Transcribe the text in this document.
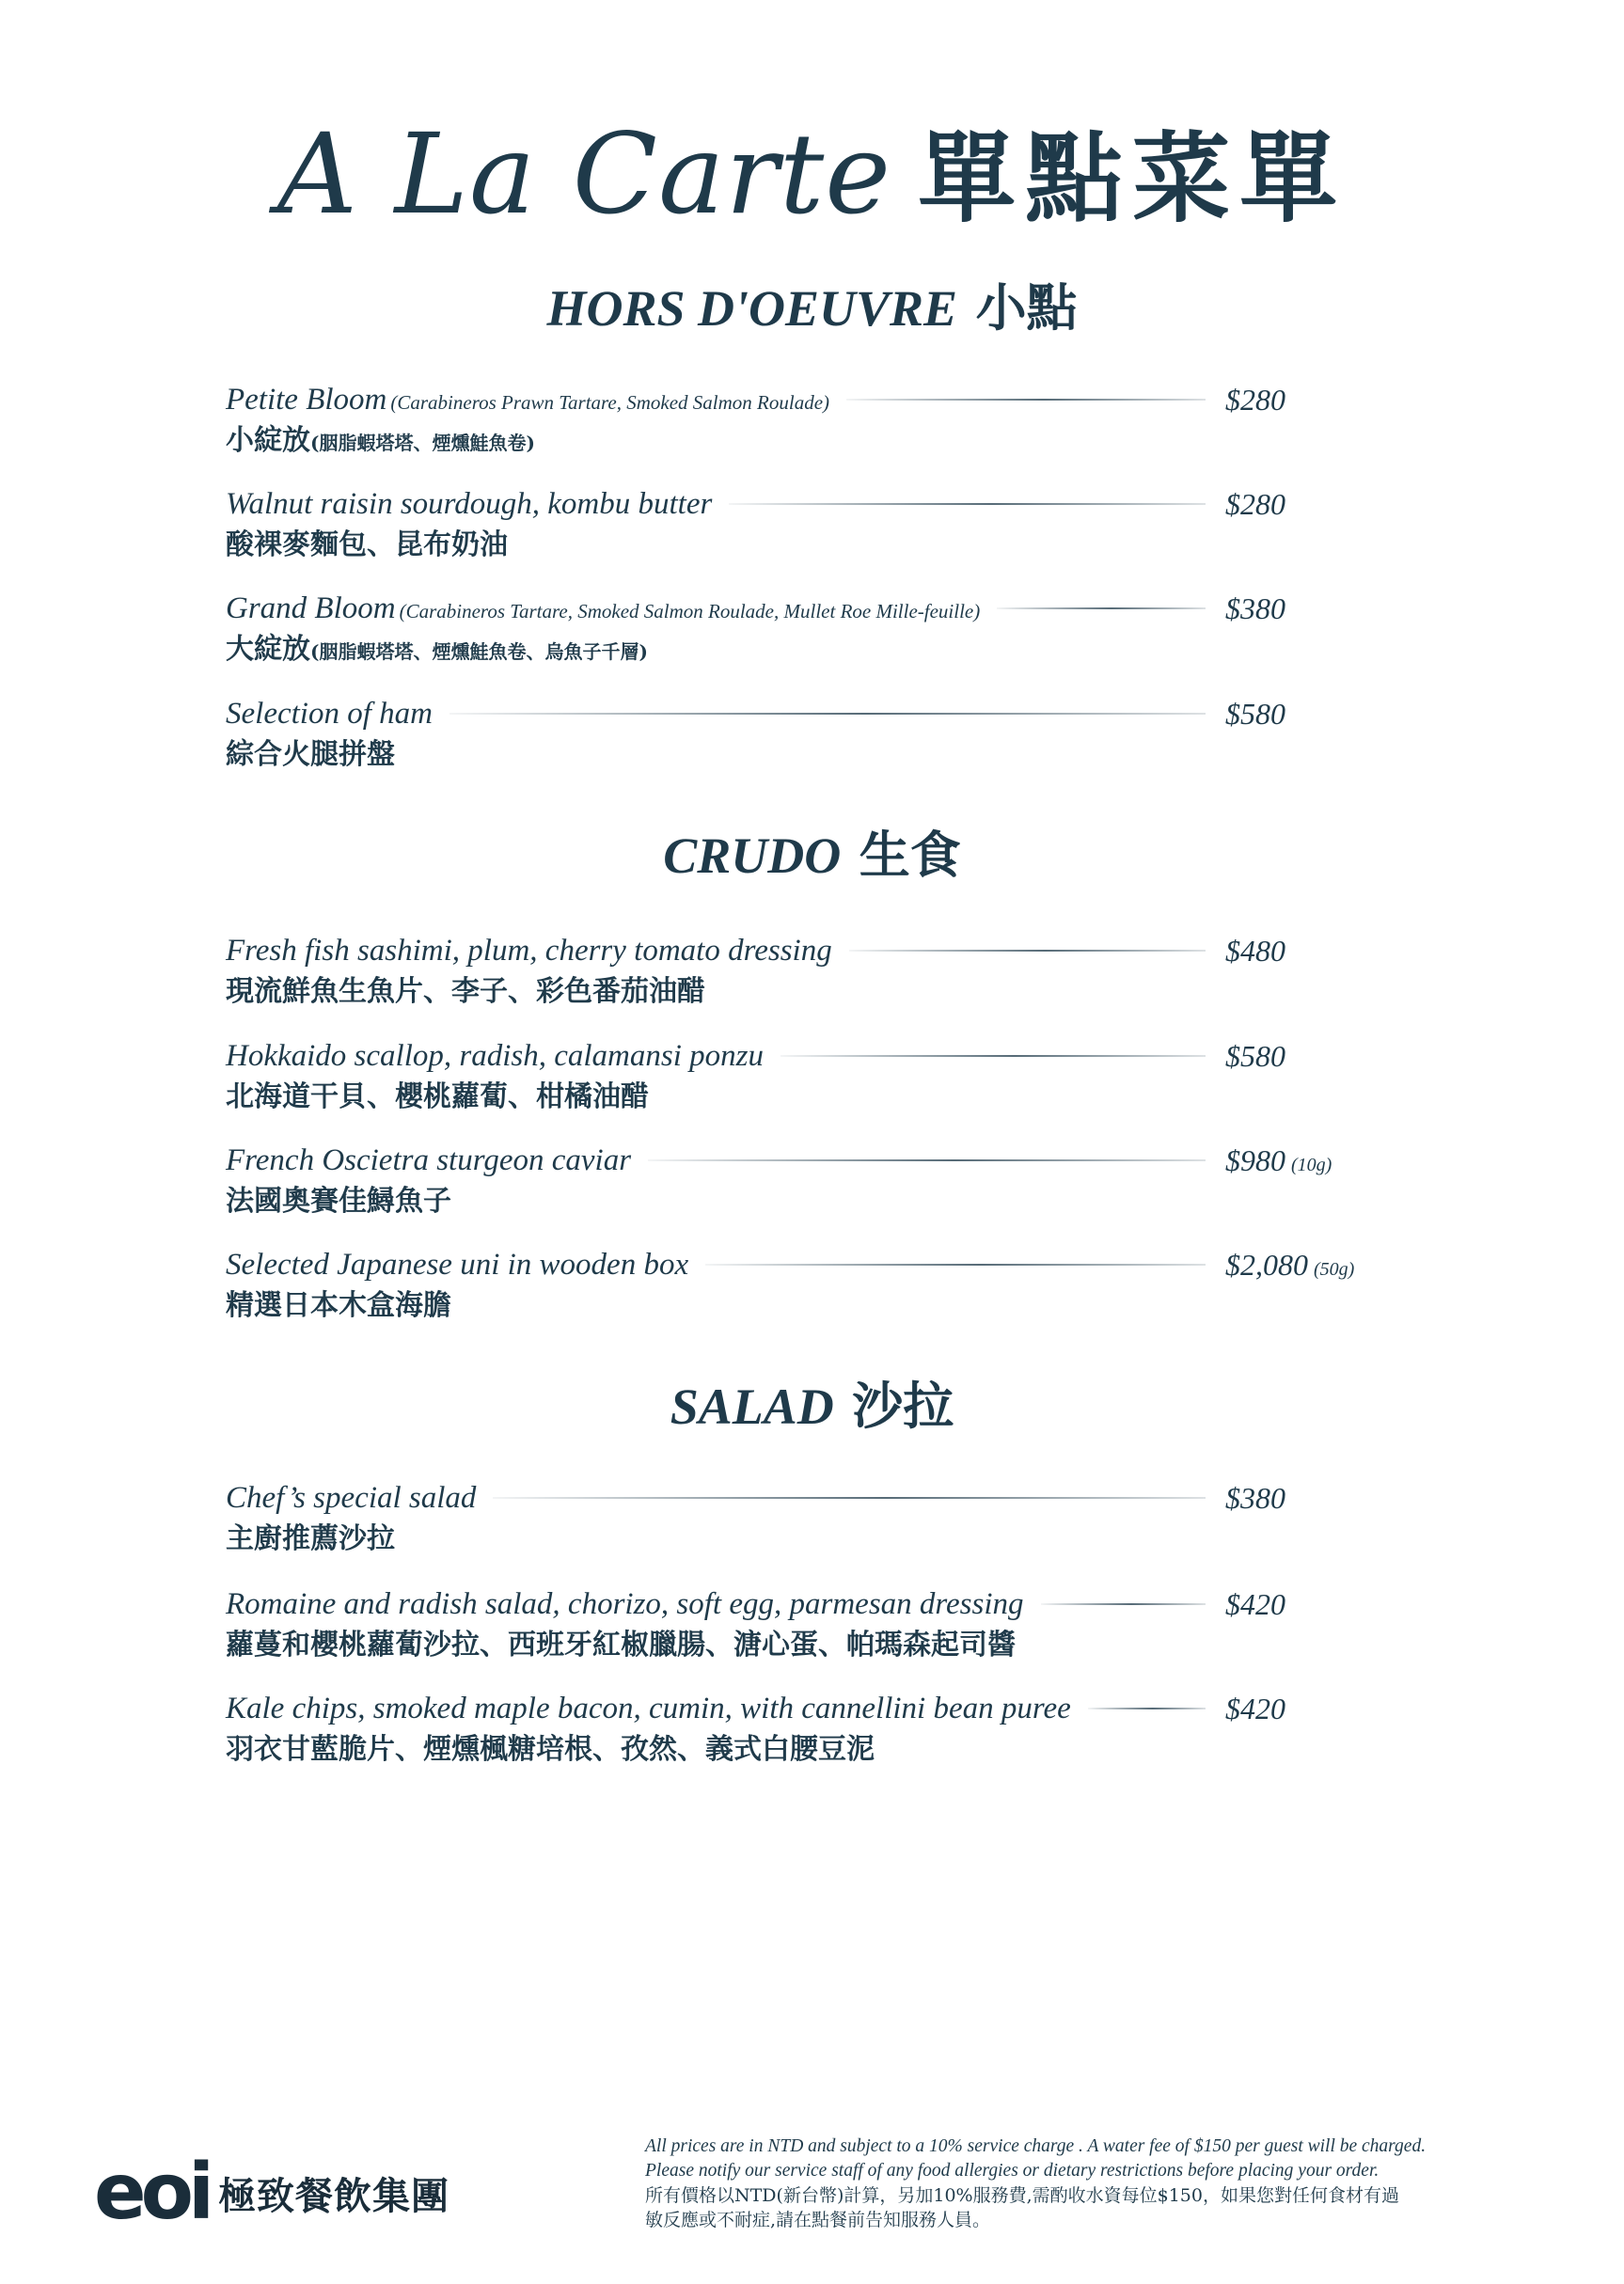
A La Carte 單點菜單
HORS D'OEUVRE 小點
Petite Bloom (Carabineros Prawn Tartare, Smoked Salmon Roulade)	$280
小綻放(胭脂蝦塔塔、煙燻鮭魚卷)
Walnut raisin sourdough, kombu butter	$280
酸裸麥麵包、昆布奶油
Grand Bloom (Carabineros Tartare, Smoked Salmon Roulade, Mullet Roe Mille-feuille)	$380
大綻放(胭脂蝦塔塔、煙燻鮭魚卷、烏魚子千層)
Selection of ham	$580
綜合火腿拼盤
CRUDO 生食
Fresh fish sashimi, plum, cherry tomato dressing	$480
現流鮮魚生魚片、李子、彩色番茄油醋
Hokkaido scallop, radish, calamansi ponzu	$580
北海道干貝、櫻桃蘿蔔、柑橘油醋
French Oscietra sturgeon caviar	$980 (10g)
法國奧賽佳鱘魚子
Selected Japanese uni in wooden box	$2,080 (50g)
精選日本木盒海膽
SALAD 沙拉
Chef’s special salad	$380
主廚推薦沙拉
Romaine and radish salad, chorizo, soft egg, parmesan dressing	$420
蘿蔓和櫻桃蘿蔔沙拉、西班牙紅椒臘腸、溏心蛋、帕瑪森起司醬
Kale chips, smoked maple bacon, cumin, with cannellini bean puree	$420
羽衣甘藍脆片、煙燻楓糖培根、孜然、義式白腰豆泥
eoi 極致餐飲集團
All prices are in NTD and subject to a 10% service charge . A water fee of $150 per guest will be charged.
Please notify our service staff of any food allergies or dietary restrictions before placing your order.
所有價格以NTD(新台幣)計算，另加10%服務費,需酌收水資每位$150，如果您對任何食材有過
敏反應或不耐症,請在點餐前告知服務人員。
